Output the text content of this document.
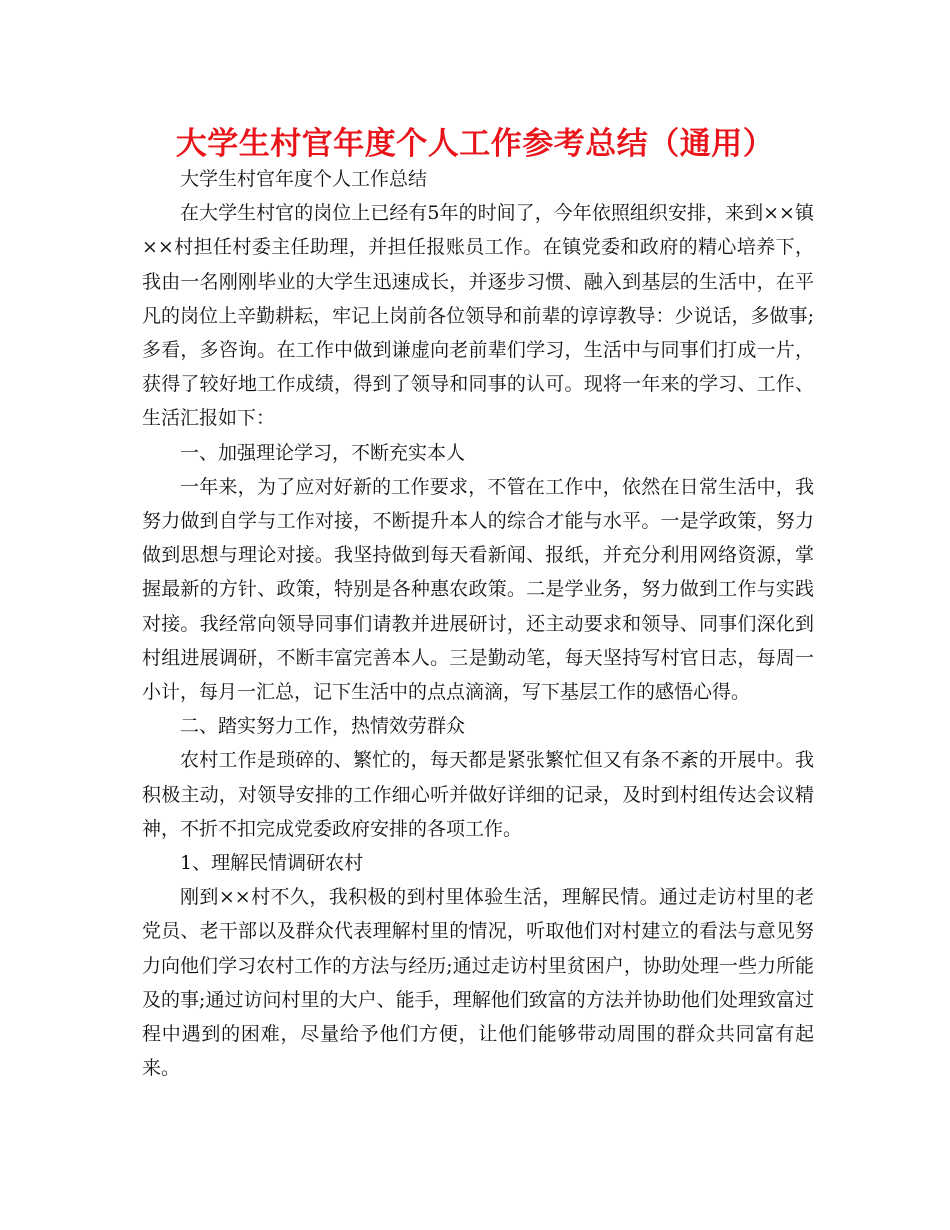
大学生村官年度个人工作参考总结（通用）

大学生村官年度个人工作总结

在大学生村官的岗位上已经有5年的时间了，今年依照组织安排，来到××镇××村担任村委主任助理，并担任报账员工作。在镇党委和政府的精心培养下，我由一名刚刚毕业的大学生迅速成长，并逐步习惯、融入到基层的生活中，在平凡的岗位上辛勤耕耘，牢记上岗前各位领导和前辈的谆谆教导：少说话，多做事;多看，多咨询。在工作中做到谦虚向老前辈们学习，生活中与同事们打成一片，获得了较好地工作成绩，得到了领导和同事的认可。现将一年来的学习、工作、生活汇报如下：

一、加强理论学习，不断充实本人

一年来，为了应对好新的工作要求，不管在工作中，依然在日常生活中，我努力做到自学与工作对接，不断提升本人的综合才能与水平。一是学政策，努力做到思想与理论对接。我坚持做到每天看新闻、报纸，并充分利用网络资源，掌握最新的方针、政策，特别是各种惠农政策。二是学业务，努力做到工作与实践对接。我经常向领导同事们请教并进展研讨，还主动要求和领导、同事们深化到村组进展调研，不断丰富完善本人。三是勤动笔，每天坚持写村官日志，每周一小计，每月一汇总，记下生活中的点点滴滴，写下基层工作的感悟心得。

二、踏实努力工作，热情效劳群众

农村工作是琐碎的、繁忙的，每天都是紧张繁忙但又有条不紊的开展中。我积极主动，对领导安排的工作细心听并做好详细的记录，及时到村组传达会议精神，不折不扣完成党委政府安排的各项工作。

1、理解民情调研农村

刚到××村不久，我积极的到村里体验生活，理解民情。通过走访村里的老党员、老干部以及群众代表理解村里的情况，听取他们对村建立的看法与意见努力向他们学习农村工作的方法与经历;通过走访村里贫困户，协助处理一些力所能及的事;通过访问村里的大户、能手，理解他们致富的方法并协助他们处理致富过程中遇到的困难，尽量给予他们方便，让他们能够带动周围的群众共同富有起来。
